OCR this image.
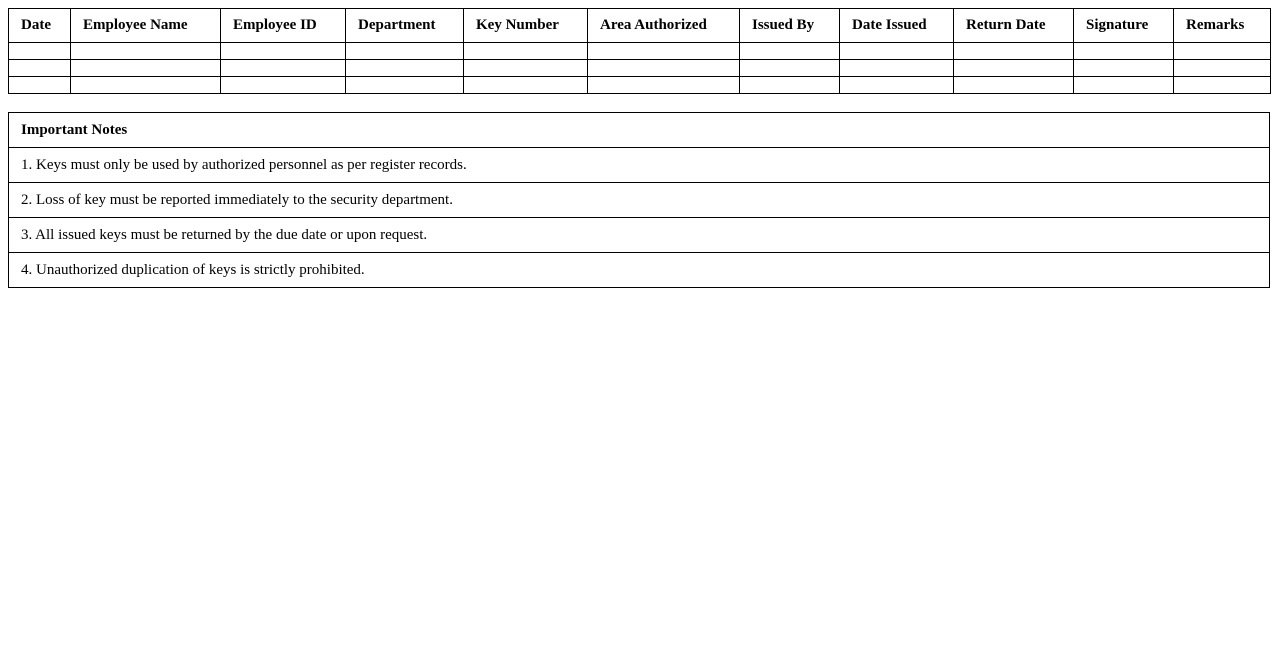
Date	Employee Name	Employee ID	Department	Key Number	Area Authorized	Issued By	Date Issued	Return Date	Signature	Remarks

Important Notes
1. Keys must only be used by authorized personnel as per register records.
2. Loss of key must be reported immediately to the security department.
3. All issued keys must be returned by the due date or upon request.
4. Unauthorized duplication of keys is strictly prohibited.
